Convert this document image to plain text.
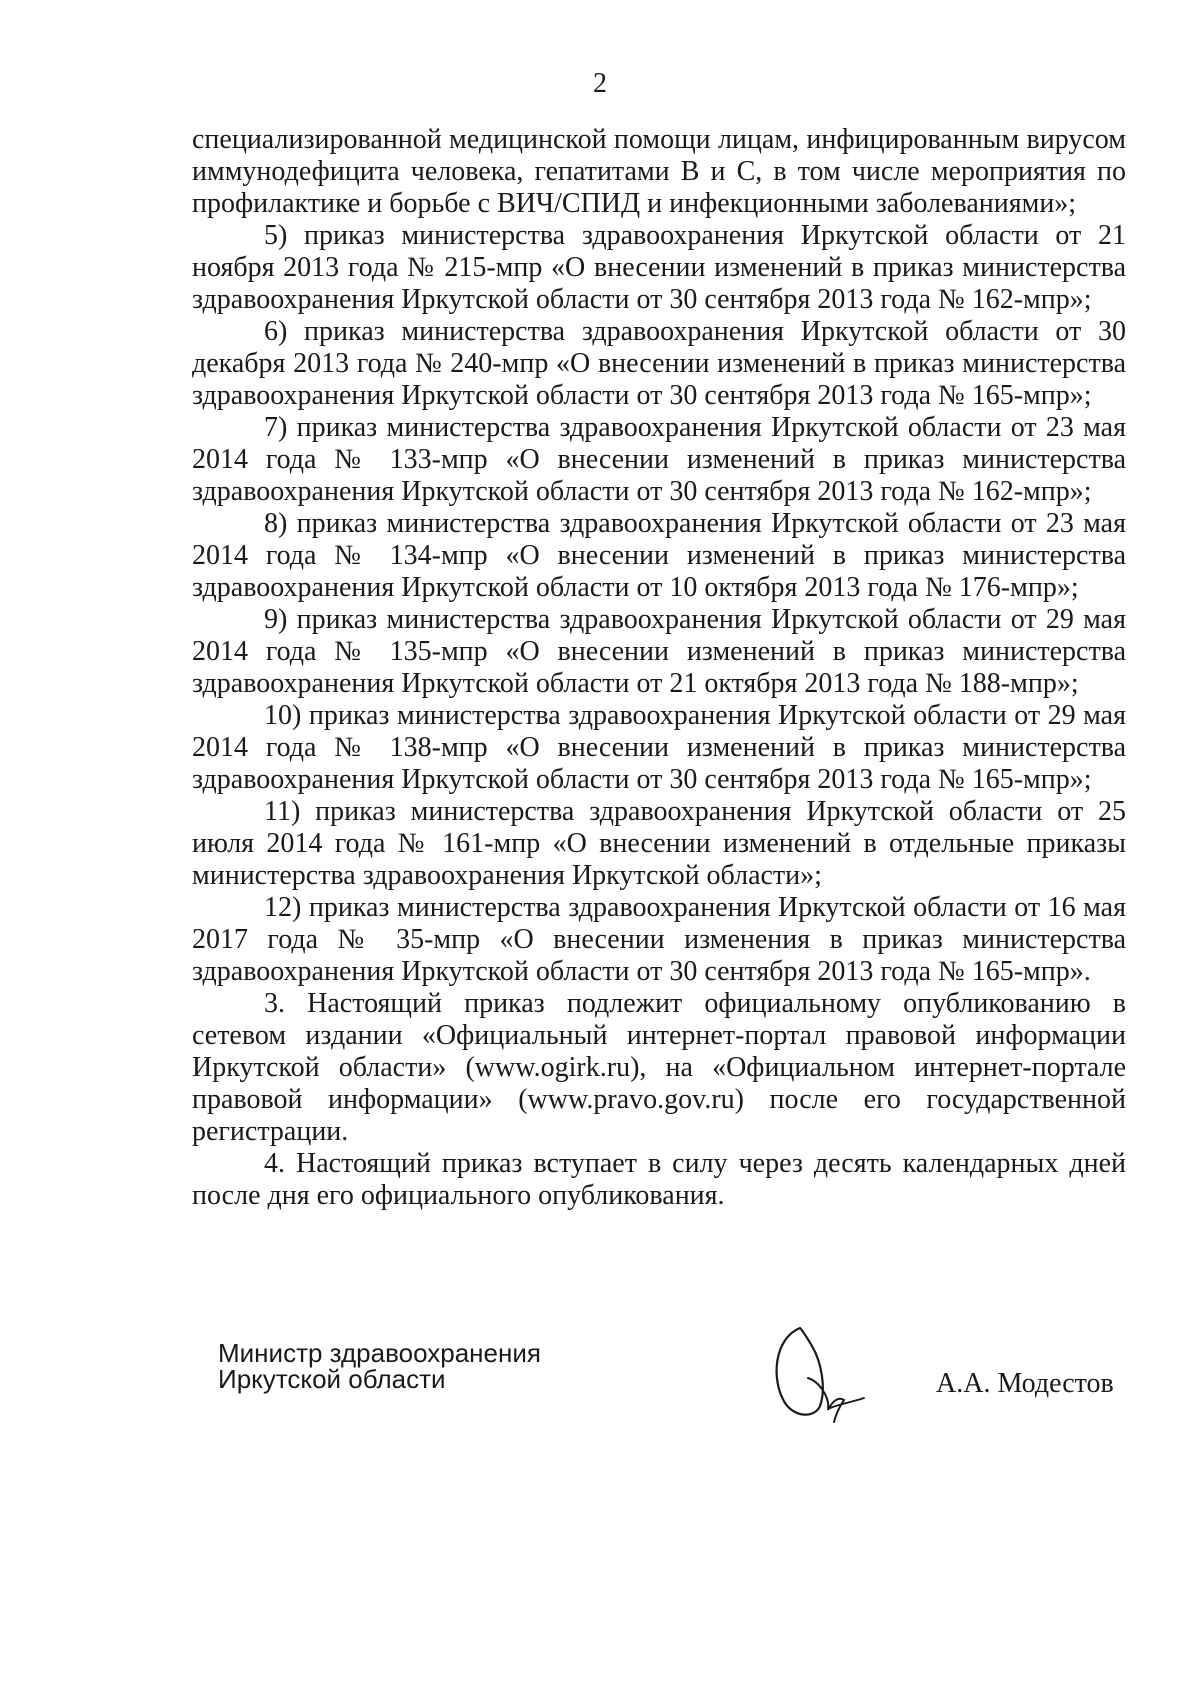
2

специализированной медицинской помощи лицам, инфицированным вирусом иммунодефицита человека, гепатитами B и C, в том числе мероприятия по профилактике и борьбе с ВИЧ/СПИД и инфекционными заболеваниями»;

5) приказ министерства здравоохранения Иркутской области от 21 ноября 2013 года № 215-мпр «О внесении изменений в приказ министерства здравоохранения Иркутской области от 30 сентября 2013 года № 162-мпр»;

6) приказ министерства здравоохранения Иркутской области от 30 декабря 2013 года № 240-мпр «О внесении изменений в приказ министерства здравоохранения Иркутской области от 30 сентября 2013 года № 165-мпр»;

7) приказ министерства здравоохранения Иркутской области от 23 мая 2014 года № 133-мпр «О внесении изменений в приказ министерства здравоохранения Иркутской области от 30 сентября 2013 года № 162-мпр»;

8) приказ министерства здравоохранения Иркутской области от 23 мая 2014 года № 134-мпр «О внесении изменений в приказ министерства здравоохранения Иркутской области от 10 октября 2013 года № 176-мпр»;

9) приказ министерства здравоохранения Иркутской области от 29 мая 2014 года № 135-мпр «О внесении изменений в приказ министерства здравоохранения Иркутской области от 21 октября 2013 года № 188-мпр»;

10) приказ министерства здравоохранения Иркутской области от 29 мая 2014 года № 138-мпр «О внесении изменений в приказ министерства здравоохранения Иркутской области от 30 сентября 2013 года № 165-мпр»;

11) приказ министерства здравоохранения Иркутской области от 25 июля 2014 года № 161-мпр «О внесении изменений в отдельные приказы министерства здравоохранения Иркутской области»;

12) приказ министерства здравоохранения Иркутской области от 16 мая 2017 года № 35-мпр «О внесении изменения в приказ министерства здравоохранения Иркутской области от 30 сентября 2013 года № 165-мпр».

3. Настоящий приказ подлежит официальному опубликованию в сетевом издании «Официальный интернет-портал правовой информации Иркутской области» (www.ogirk.ru), на «Официальном интернет-портале правовой информации» (www.pravo.gov.ru) после его государственной регистрации.

4. Настоящий приказ вступает в силу через десять календарных дней после дня его официального опубликования.

Министр здравоохранения
Иркутской области	А.А. Модестов
